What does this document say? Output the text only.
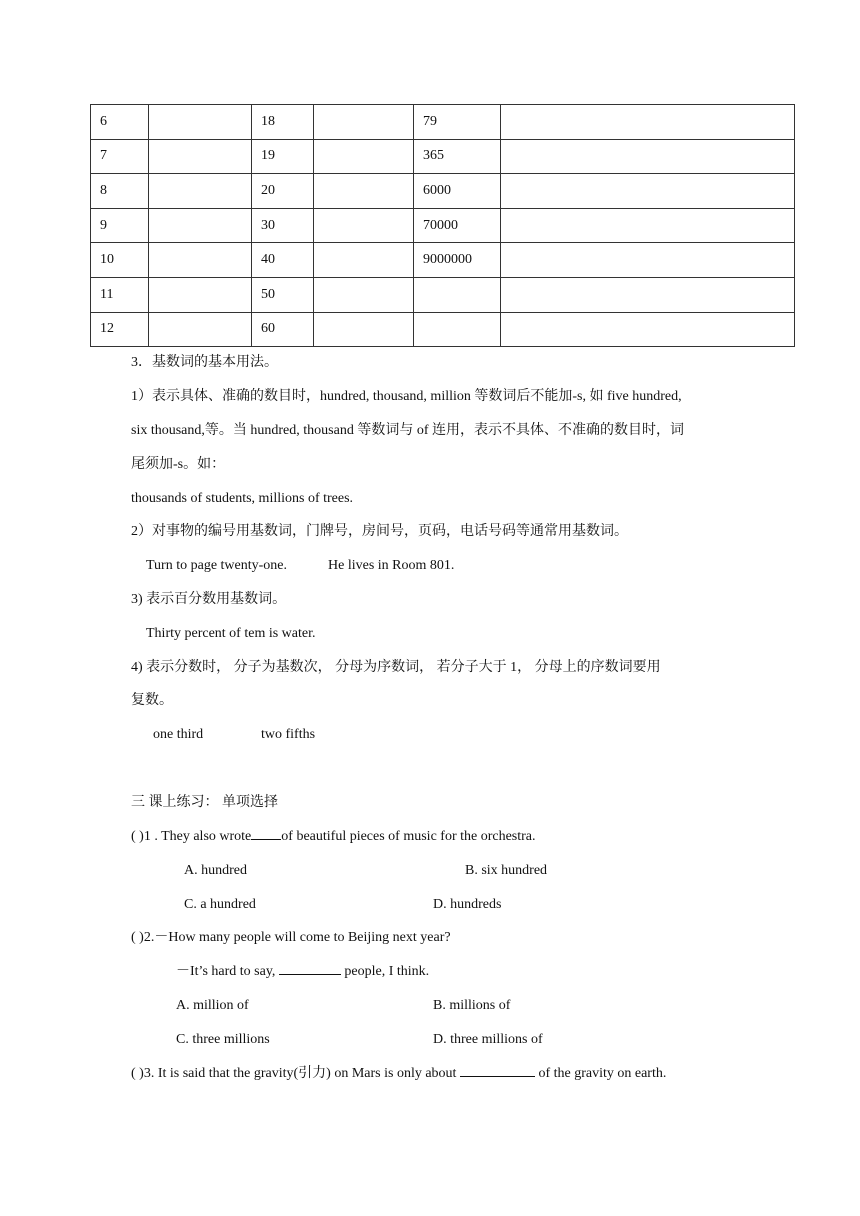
6		18		79	
7		19		365	
8		20		6000	
9		30		70000	
10		40		9000000	
11		50			
12		60			
3．基数词的基本用法。
1）表示具体、准确的数目时，hundred, thousand, million 等数词后不能加-s, 如 five hundred,
six thousand,等。当 hundred, thousand 等数词与 of 连用，表示不具体、不准确的数目时，词
尾须加-s。如：
thousands of students, millions of trees.
2）对事物的编号用基数词，门牌号，房间号，页码，电话号码等通常用基数词。
Turn to page twenty-one.	He lives in Room 801.
3) 表示百分数用基数词。
Thirty percent of tem is water.
4) 表示分数时， 分子为基数次， 分母为序数词， 若分子大于 1， 分母上的序数词要用
复数。
one third	two fifths
三 课上练习： 单项选择
( )1 . They also wrote of beautiful pieces of music for the orchestra.
A. hundred	B. six hundred
C. a hundred	D. hundreds
( )2.－How many people will come to Beijing next year?
－It’s hard to say,	people, I think.
A. million of	B. millions of
C. three millions	D. three millions of
( )3. It is said that the gravity(引力) on Mars is only about	of the gravity on earth.
